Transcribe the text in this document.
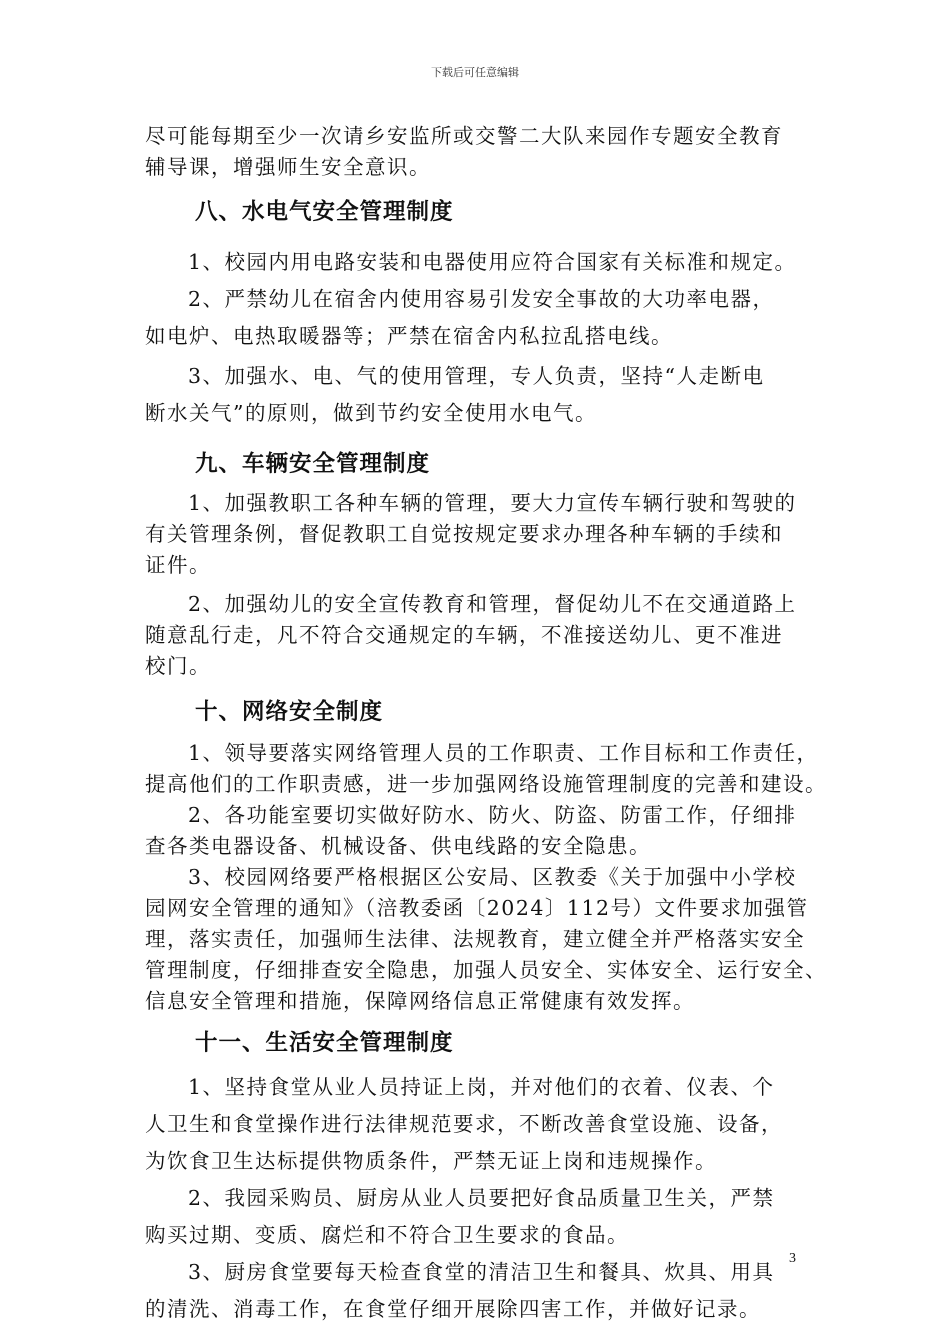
下载后可任意编辑

尽可能每期至少一次请乡安监所或交警二大队来园作专题安全教育

辅导课，增强师生安全意识。

八、水电气安全管理制度

1、校园内用电路安装和电器使用应符合国家有关标准和规定。

2、严禁幼儿在宿舍内使用容易引发安全事故的大功率电器，

如电炉、电热取暖器等；严禁在宿舍内私拉乱搭电线。

3、加强水、电、气的使用管理，专人负责，坚持“人走断电

断水关气”的原则，做到节约安全使用水电气。

九、车辆安全管理制度

1、加强教职工各种车辆的管理，要大力宣传车辆行驶和驾驶的

有关管理条例，督促教职工自觉按规定要求办理各种车辆的手续和

证件。

2、加强幼儿的安全宣传教育和管理，督促幼儿不在交通道路上

随意乱行走，凡不符合交通规定的车辆，不准接送幼儿、更不准进

校门。

十、网络安全制度

1、领导要落实网络管理人员的工作职责、工作目标和工作责任，

提高他们的工作职责感，进一步加强网络设施管理制度的完善和建设。

2、各功能室要切实做好防水、防火、防盗、防雷工作，仔细排

查各类电器设备、机械设备、供电线路的安全隐患。

3、校园网络要严格根据区公安局、区教委《关于加强中小学校

园网安全管理的通知》（涪教委函〔2024〕112号）文件要求加强管

理，落实责任，加强师生法律、法规教育，建立健全并严格落实安全

管理制度，仔细排查安全隐患，加强人员安全、实体安全、运行安全、

信息安全管理和措施，保障网络信息正常健康有效发挥。

十一、生活安全管理制度

1、坚持食堂从业人员持证上岗，并对他们的衣着、仪表、个

人卫生和食堂操作进行法律规范要求，不断改善食堂设施、设备，

为饮食卫生达标提供物质条件，严禁无证上岗和违规操作。

2、我园采购员、厨房从业人员要把好食品质量卫生关，严禁

购买过期、变质、腐烂和不符合卫生要求的食品。

3、厨房食堂要每天检查食堂的清洁卫生和餐具、炊具、用具

的清洗、消毒工作，在食堂仔细开展除四害工作，并做好记录。

3
